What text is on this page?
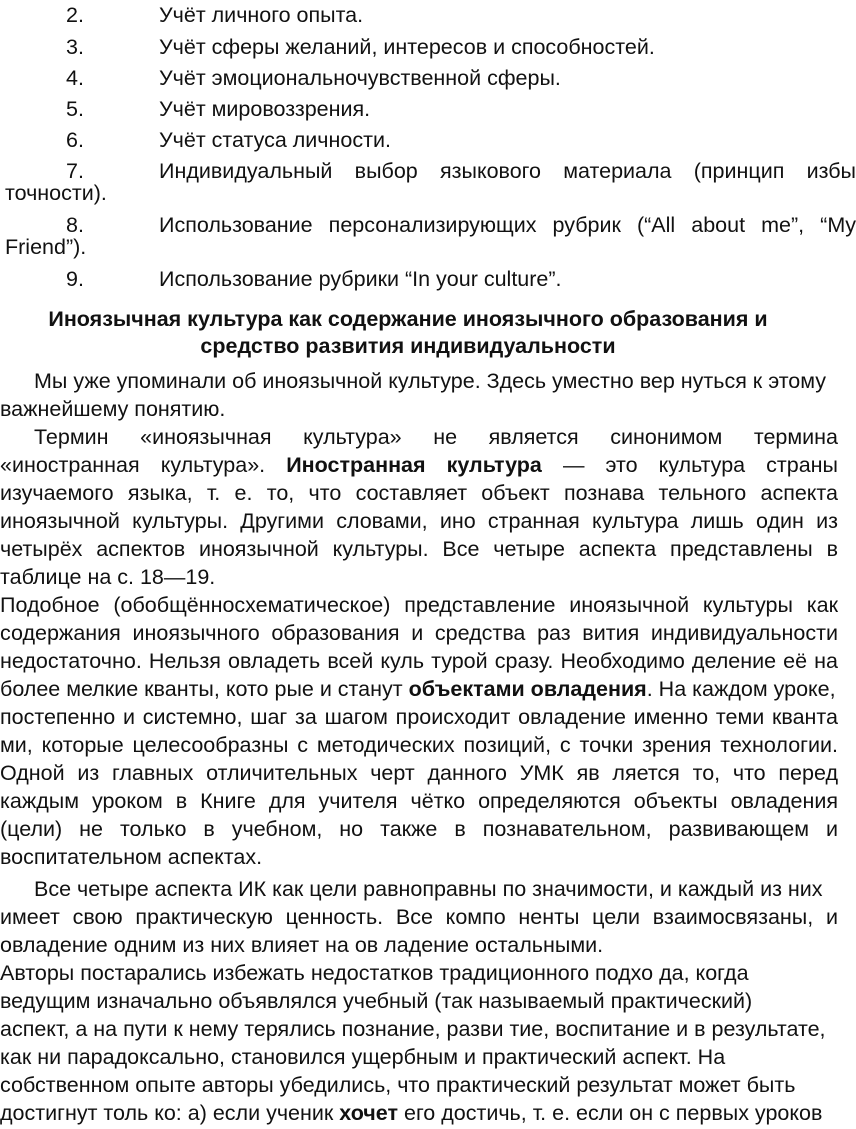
2.	Учёт личного опыта.
3.	Учёт сферы желаний, интересов и способностей.
4.	Учёт эмоциональночувственной сферы.
5.	Учёт мировоззрения.
6.	Учёт статуса личности.
7.	Индивидуальный выбор языкового материала (принцип избы
точности).
8.	Использование персонализирующих рубрик (“All about me”, “My
Friend”).
9.	Использование рубрики “In your culture”.
Иноязычная культура как содержание иноязычного образования и
средство развития индивидуальности
Мы уже упоминали об иноязычной культуре. Здесь уместно вер нуться к этому
важнейшему понятию.
Термин «иноязычная культура» не является синонимом термина
«иностранная культура». Иностранная культура — это культура страны
изучаемого языка, т. е. то, что составляет объект познава тельного аспекта
иноязычной культуры. Другими словами, ино странная культура лишь один из
четырёх аспектов иноязычной культуры. Все четыре аспекта представлены в
таблице на с. 18—19.
Подобное (обобщённосхематическое) представление иноязычной культуры как
содержания иноязычного образования и средства раз вития индивидуальности
недостаточно. Нельзя овладеть всей куль турой сразу. Необходимо деление её на
более мелкие кванты, кото рые и станут объектами овладения. На каждом уроке,
постепенно и системно, шаг за шагом происходит овладение именно теми кванта
ми, которые целесообразны с методических позиций, с точки зрения технологии.
Одной из главных отличительных черт данного УМК яв ляется то, что перед
каждым уроком в Книге для учителя чётко определяются объекты овладения
(цели) не только в учебном, но также в познавательном, развивающем и
воспитательном аспектах.
Все четыре аспекта ИК как цели равноправны по значимости, и каждый из них
имеет свою практическую ценность. Все компо ненты цели взаимосвязаны, и
овладение одним из них влияет на ов ладение остальными.
Авторы постарались избежать недостатков традиционного подхо да, когда
ведущим изначально объявлялся учебный (так называемый практический)
аспект, а на пути к нему терялись познание, разви тие, воспитание и в результате,
как ни парадоксально, становился ущербным и практический аспект. На
собственном опыте авторы убедились, что практический результат может быть
достигнут толь ко: а) если ученик хочет его достичь, т. е. если он с первых уроков
